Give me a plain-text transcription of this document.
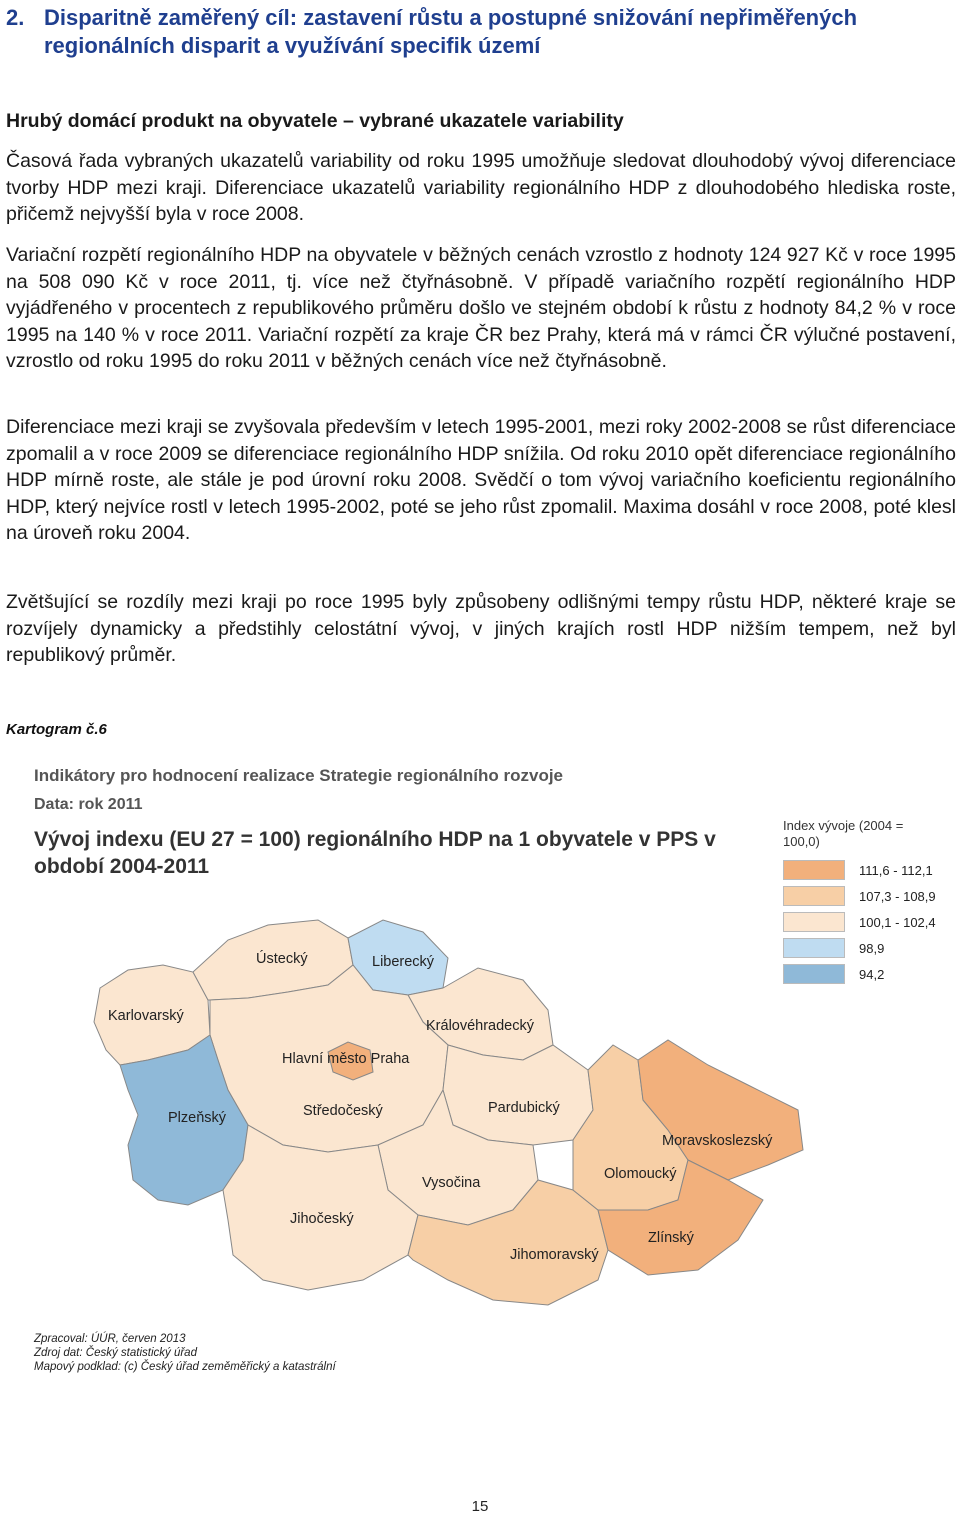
2. Disparitně zaměřený cíl: zastavení růstu a postupné snižování nepřiměřených regionálních disparit a využívání specifik území
Hrubý domácí produkt na obyvatele – vybrané ukazatele variability

Časová řada vybraných ukazatelů variability od roku 1995 umožňuje sledovat dlouhodobý vývoj diferenciace tvorby HDP mezi kraji. Diferenciace ukazatelů variability regionálního HDP z dlouhodobého hlediska roste, přičemž nejvyšší byla v roce 2008.

Variační rozpětí regionálního HDP na obyvatele v běžných cenách vzrostlo z hodnoty 124 927 Kč v roce 1995 na 508 090 Kč v roce 2011, tj. více než čtyřnásobně. V případě variačního rozpětí regionálního HDP vyjádřeného v procentech z republikového průměru došlo ve stejném období k růstu z hodnoty 84,2 % v roce 1995 na 140 % v roce 2011. Variační rozpětí za kraje ČR bez Prahy, která má v rámci ČR výlučné postavení, vzrostlo od roku 1995 do roku 2011 v běžných cenách více než čtyřnásobně.

Diferenciace mezi kraji se zvyšovala především v letech 1995-2001, mezi roky 2002-2008 se růst diferenciace zpomalil a v roce 2009 se diferenciace regionálního HDP snížila. Od roku 2010 opět diferenciace regionálního HDP mírně roste, ale stále je pod úrovní roku 2008. Svědčí o tom vývoj variačního koeficientu regionálního HDP, který nejvíce rostl v letech 1995-2002, poté se jeho růst zpomalil. Maxima dosáhl v roce 2008, poté klesl na úroveň roku 2004.

Zvětšující se rozdíly mezi kraji po roce 1995 byly způsobeny odlišnými tempy růstu HDP, některé kraje se rozvíjely dynamicky a předstihly celostátní vývoj, v jiných krajích rostl HDP nižším tempem, než byl republikový průměr.

Kartogram č.6
Karlovarský
Ústecký	Liberecký
Královéhradecký
Hlavní město Praha
Plzeňský	Středočeský	Pardubický
Moravskoslezský
Olomoucký
Vysočina
Jihočeský
Zlínský
Jihomoravský
Indikátory pro hodnocení realizace Strategie regionálního rozvoje
Data: rok 2011
Vývoj indexu (EU 27 = 100) regionálního HDP na 1 obyvatele v PPS v období 2004-2011
Index vývoje (2004 = 100,0)
111,6 - 112,1
107,3 - 108,9
100,1 - 102,4
98,9
94,2
Zpracoval: ÚÚR, červen 2013
Zdroj dat: Český statistický úřad
Mapový podklad: (c) Český úřad zeměměřický a katastrální
15
